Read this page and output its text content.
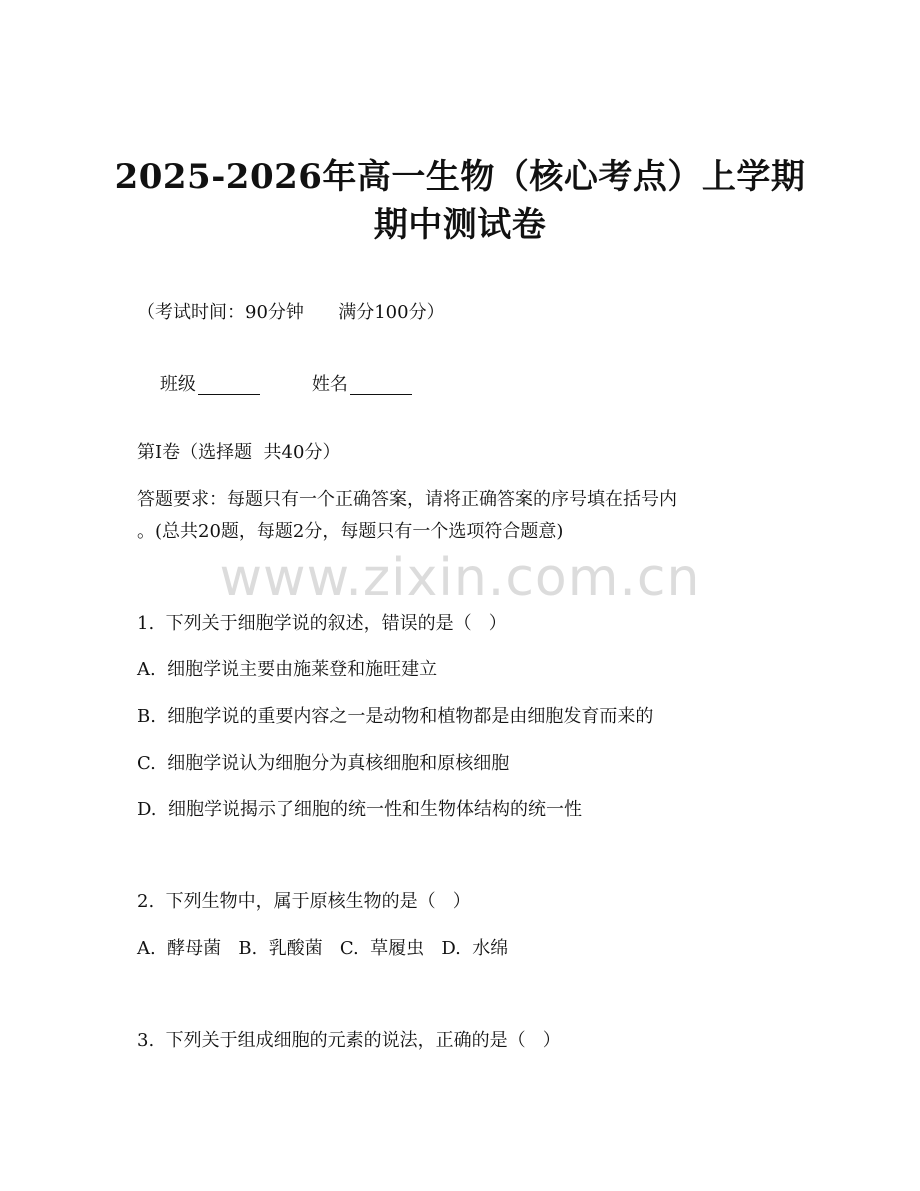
2025-2026年高一生物（核心考点）上学期
期中测试卷
（考试时间：90分钟      满分100分）

班级	姓名

第Ⅰ卷（选择题  共40分）
答题要求：每题只有一个正确答案，请将正确答案的序号填在括号内
。(总共20题，每题2分，每题只有一个选项符合题意)
www.zixin.com.cn
1.  下列关于细胞学说的叙述，错误的是（   ）
A.  细胞学说主要由施莱登和施旺建立
B.  细胞学说的重要内容之一是动物和植物都是由细胞发育而来的
C.  细胞学说认为细胞分为真核细胞和原核细胞
D.  细胞学说揭示了细胞的统一性和生物体结构的统一性
2.  下列生物中，属于原核生物的是（   ）
A.  酵母菌   B.  乳酸菌   C.  草履虫   D.  水绵
3.  下列关于组成细胞的元素的说法，正确的是（   ）
